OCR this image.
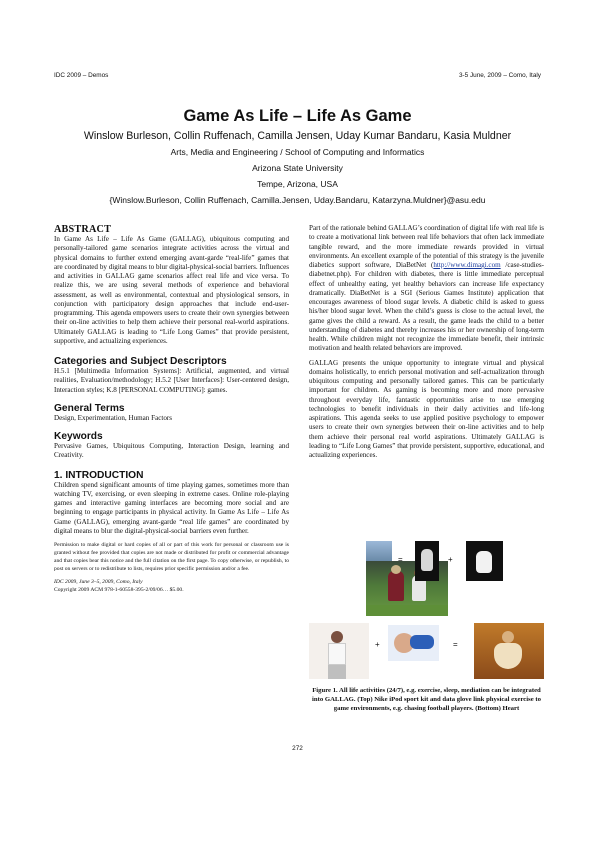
IDC 2009 – Demos	3-5 June, 2009 – Como, Italy
Game As Life – Life As Game
Winslow Burleson, Collin Ruffenach, Camilla Jensen, Uday Kumar Bandaru, Kasia Muldner
Arts, Media and Engineering / School of Computing and Informatics
Arizona State University
Tempe, Arizona, USA
{Winslow.Burleson, Collin Ruffenach, Camilla.Jensen, Uday.Bandaru, Katarzyna.Muldner}@asu.edu
ABSTRACT
In Game As Life – Life As Game (GALLAG), ubiquitous computing and personally-tailored game scenarios integrate activities across the virtual and physical domains to further extend emerging avant-garde “real-life” games that are coordinated by digital means to blur digital-physical-social barriers. Influences and activities in GALLAG game scenarios affect real life and vice versa. To realize this, we are using several methods of experience and behavioral assessment, as well as environmental, contextual and physiological sensors, in conjunction with participatory design approaches that include end-user-programming. This agenda empowers users to create their own synergies between their on-line activities to help them achieve their personal real-world aspirations. Ultimately GALLAG is leading to “Life Long Games” that provide persistent, supportive, and actualizing experiences.
Categories and Subject Descriptors
H.5.1 [Multimedia Information Systems]: Artificial, augmented, and virtual realities, Evaluation/methodology; H.5.2 [User Interfaces]: User-centered design, Interaction styles; K.8 [PERSONAL COMPUTING]: games.
General Terms
Design, Experimentation, Human Factors
Keywords
Pervasive Games, Ubiquitous Computing, Interaction Design, learning and Creativity.
1. INTRODUCTION
Children spend significant amounts of time playing games, sometimes more than watching TV, exercising, or even sleeping in extreme cases. Online role-playing games and interactive gaming interfaces are becoming more social and are beginning to engage participants in physical activity. In Game As Life – Life As Game (GALLAG), emerging avant-garde “real life games” are coordinated by digital means to blur the digital-physical-social barriers even further.
Permission to make digital or hard copies of all or part of this work for personal or classroom use is granted without fee provided that copies are not made or distributed for profit or commercial advantage and that copies bear this notice and the full citation on the first page. To copy otherwise, or republish, to post on servers or to redistribute to lists, requires prior specific permission and/or a fee.
IDC 2009, June 3–5, 2009, Como, Italy
Copyright 2009 ACM 978-1-60558-395-2/09/06… $5.00.
Part of the rationale behind GALLAG’s coordination of digital life with real life is to create a motivational link between real life behaviors that often lack immediate tangible reward, and the more immediate rewards provided in virtual environments. An excellent example of the potential of this strategy is the juvenile diabetics support software, DiaBetNet (http://www.dimagi.com /case-studies-diabetnet.php). For children with diabetes, there is little immediate perceptual effect of unhealthy eating, yet healthy behaviors can increase life expectancy dramatically. DiaBetNet is a SGI (Serious Games Institute) application that encourages awareness of blood sugar levels. A diabetic child is asked to guess his/her blood sugar level. When the child’s guess is close to the actual level, the game gives the child a reward. As a result, the game leads the child to a better understanding of diabetes and thereby increases his or her ownership of long-term health. While children might not recognize the immediate benefit, their intrinsic motivation and health related behaviors are improved.
GALLAG presents the unique opportunity to integrate virtual and physical domains holistically, to enrich personal motivation and self-actualization through ubiquitous computing and personally tailored games. This can be particularly important for children. As gaming is becoming more and more pervasive throughout everyday life, fantastic opportunities arise to use emerging technologies to benefit individuals in their daily activities and life-long aspirations. This agenda seeks to use applied positive psychology to empower users to create their own synergies between their on-line activities and to help them achieve their personal real world aspirations. Ultimately GALLAG is leading to “Life Long Games” that provide persistent, supportive, educational, and actualizing experiences.
=	+
+	=
Figure 1. All life activities (24/7), e.g. exercise, sleep, mediation can be integrated into GALLAG. (Top) Nike iPod sport kit and data glove link physical exercise to game environments, e.g. chasing football players. (Bottom) Heart
272
